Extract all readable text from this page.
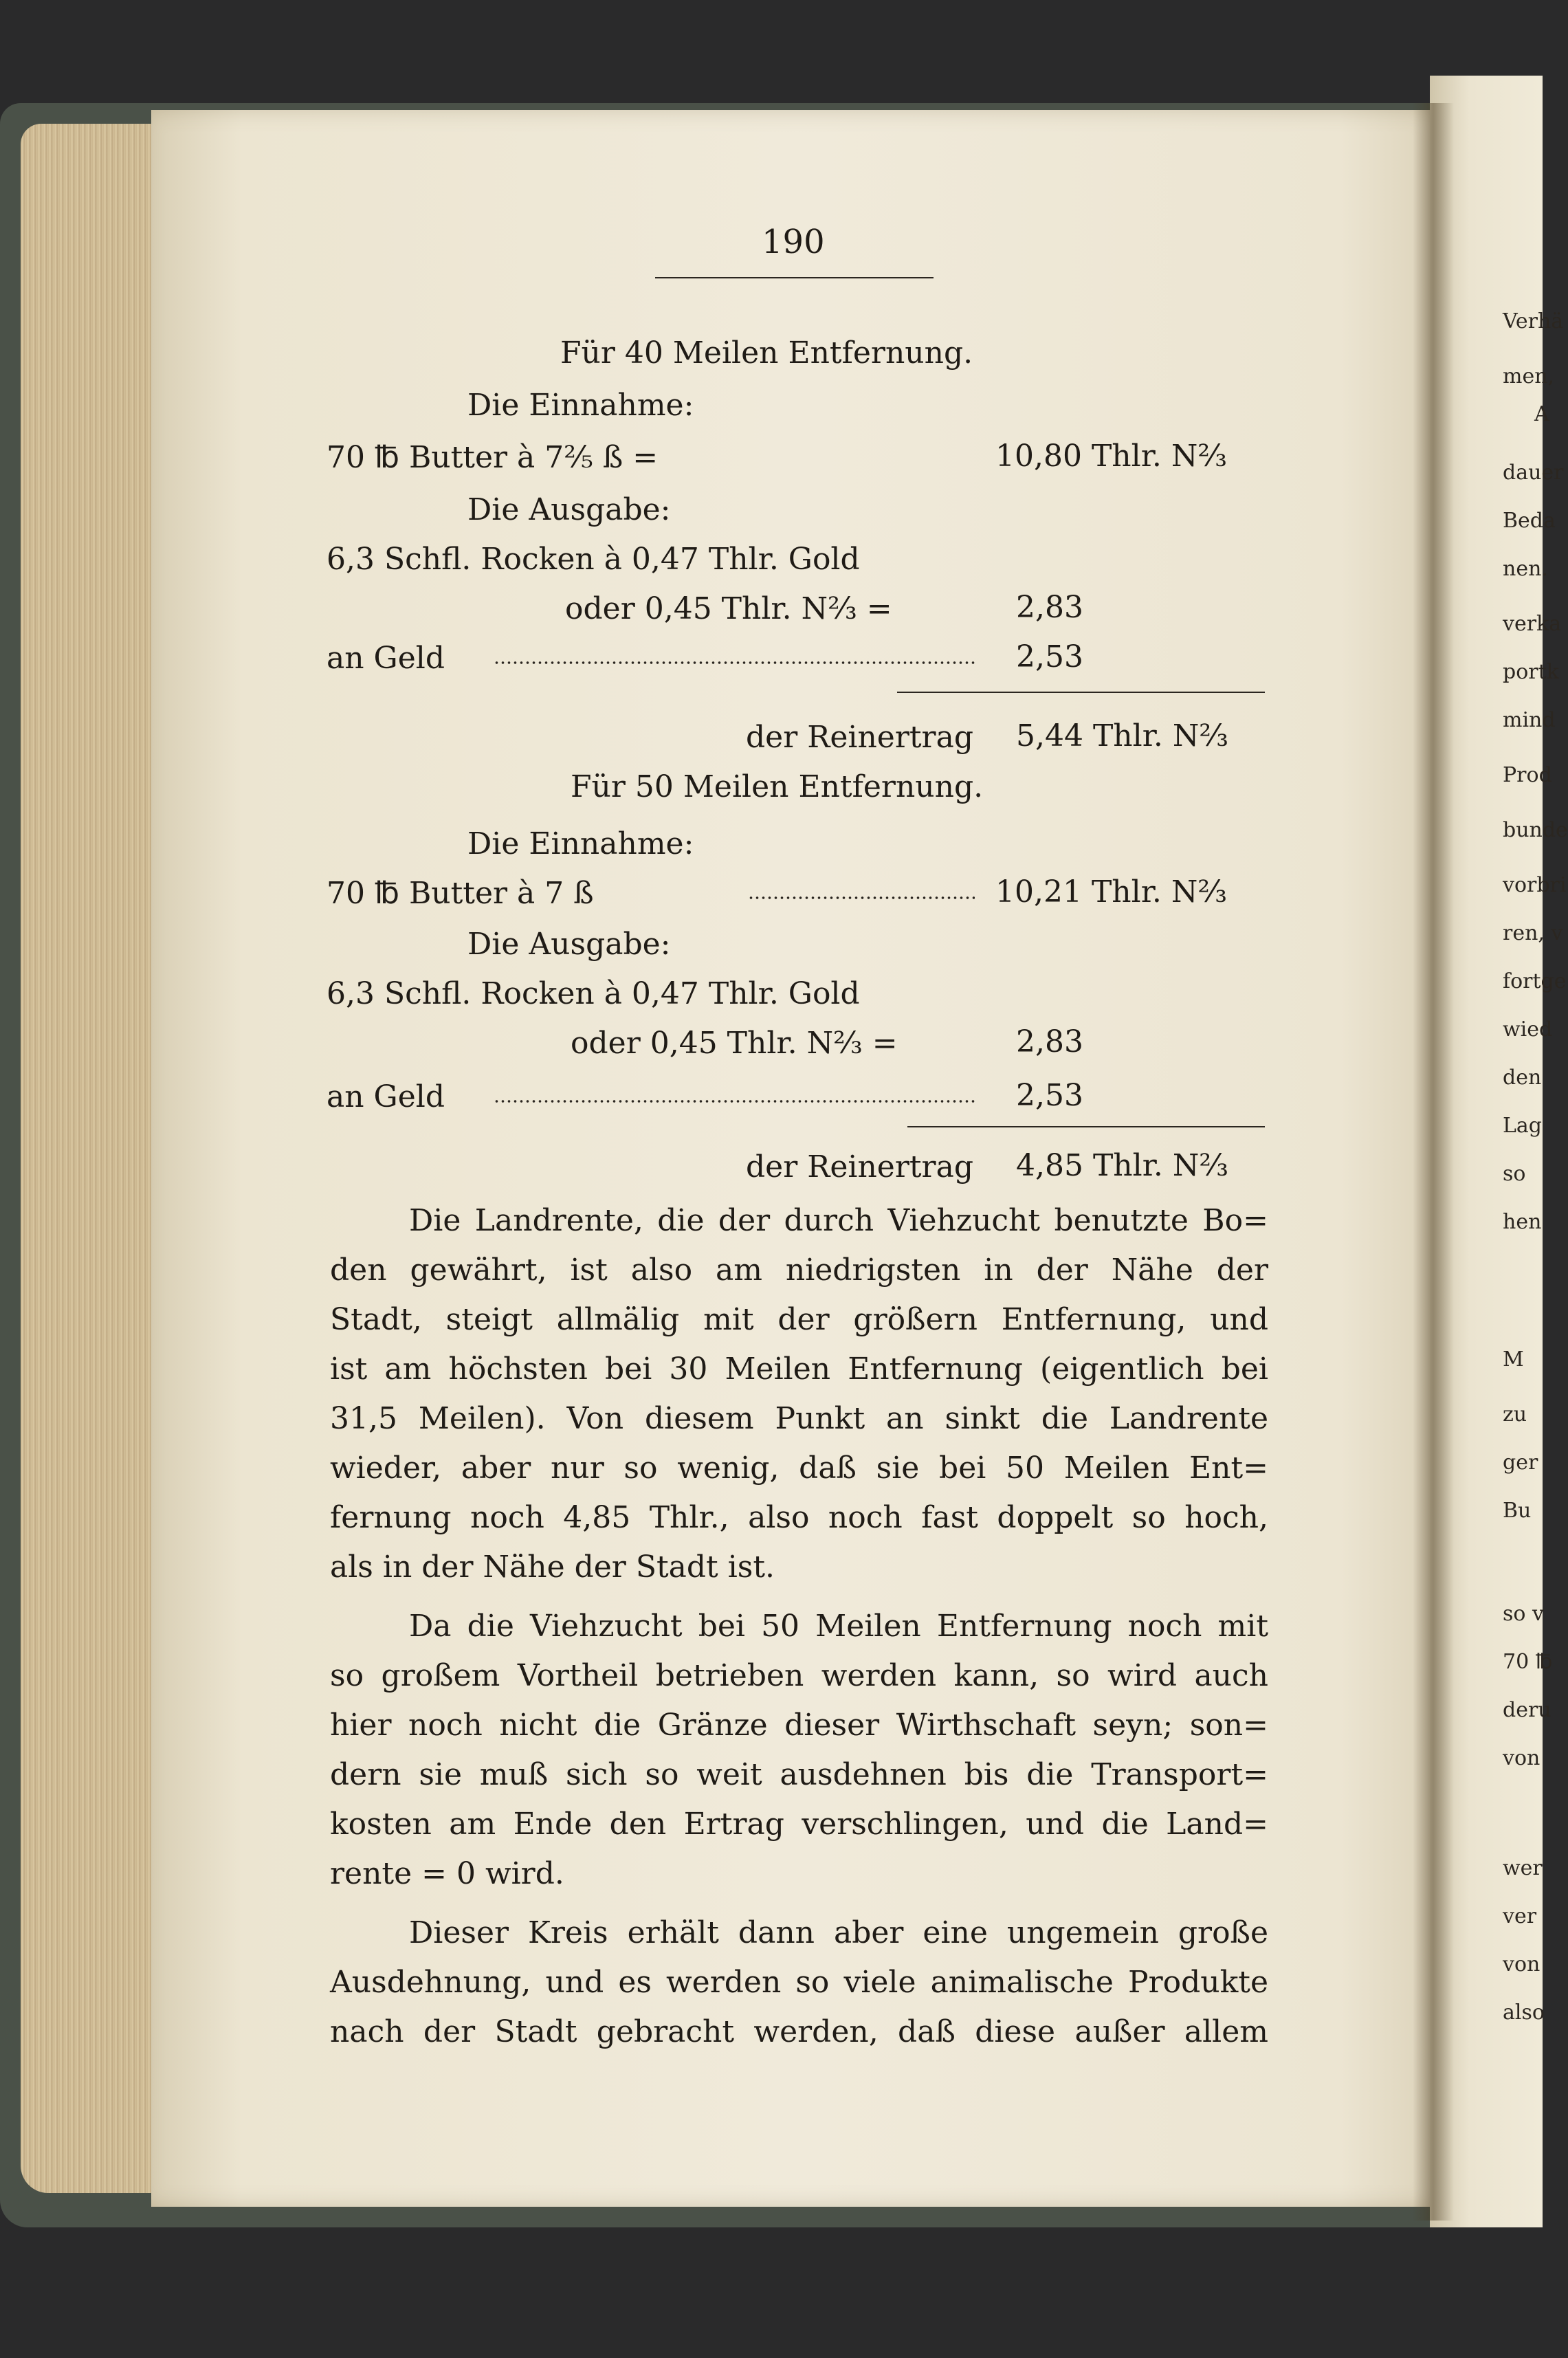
190
Für 40 Meilen Entfernung.
Die Einnahme:
70 ℔ Butter à 7²⁄₅ ß =	10,80 Thlr. N²⁄₃
Die Ausgabe:
6,3 Schfl. Rocken à 0,47 Thlr. Gold
oder 0,45 Thlr. N²⁄₃ =	2,83
an Geld	2,53
der Reinertrag 5,44 Thlr. N²⁄₃
Für 50 Meilen Entfernung.
Die Einnahme:
70 ℔ Butter à 7 ß	10,21 Thlr. N²⁄₃
Die Ausgabe:
6,3 Schfl. Rocken à 0,47 Thlr. Gold
oder 0,45 Thlr. N²⁄₃ =	2,83
an Geld	2,53
der Reinertrag 4,85 Thlr. N²⁄₃
Die Landrente, die der durch Viehzucht benutzte Bo=
den gewährt, ist also am niedrigsten in der Nähe der
Stadt, steigt allmälig mit der größern Entfernung, und
ist am höchsten bei 30 Meilen Entfernung (eigentlich bei
31,5 Meilen). Von diesem Punkt an sinkt die Landrente
wieder, aber nur so wenig, daß sie bei 50 Meilen Ent=
fernung noch 4,85 Thlr., also noch fast doppelt so hoch,
als in der Nähe der Stadt ist.
Da die Viehzucht bei 50 Meilen Entfernung noch mit
so großem Vortheil betrieben werden kann, so wird auch
hier noch nicht die Gränze dieser Wirthschaft seyn; son=
dern sie muß sich so weit ausdehnen bis die Transport=
kosten am Ende den Ertrag verschlingen, und die Land=
rente = 0 wird.
Dieser Kreis erhält dann aber eine ungemein große
Ausdehnung, und es werden so viele animalische Produkte
nach der Stadt gebracht werden, daß diese außer allem
Verhä
men,
A
dauer
Beda
nen.
verka
portk
mind
Prod
bunde
vorbri
ren, v
fortge
wied
den
Lag
so
hen
M
zu
ger
Bu
so v
70 ℔
deru
von
wer
ver
von
also
